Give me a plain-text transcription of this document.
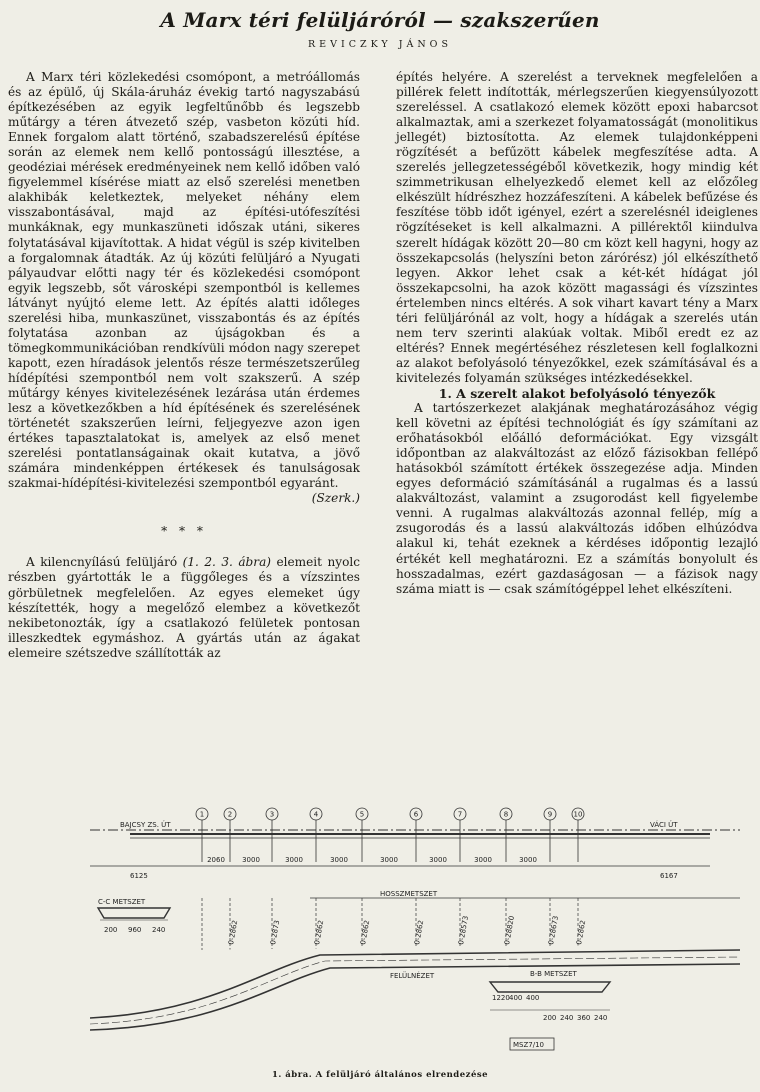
A Marx téri felüljáróról — szakszerűen
REVICZKY JÁNOS

A Marx téri közlekedési csomópont, a metróállomás és az épülő, új Skála-áruház évekig tartó nagyszabású építkezésében az egyik legfeltűnőbb és legszebb műtárgy a téren átvezető szép, vasbeton közúti híd. Ennek forgalom alatt történő, szabadszerelésű építése során az elemek nem kellő pontosságú illesztése, a geodéziai mérések eredményeinek nem kellő időben való figyelemmel kísérése miatt az első szerelési menetben alakhibák keletkeztek, melyeket néhány elem visszabontásával, majd az építési-utófeszítési munkáknak, egy munkaszüneti időszak utáni, sikeres folytatásával kijavítottak. A hidat végül is szép kivitelben a forgalomnak átadták. Az új közúti felüljáró a Nyugati pályaudvar előtti nagy tér és közlekedési csomópont egyik legszebb, sőt városképi szempontból is kellemes látványt nyújtó eleme lett. Az építés alatti időleges szerelési hiba, munkaszünet, visszabontás és az építés folytatása azonban az újságokban és a tömegkommunikációban rendkívüli módon nagy szerepet kapott, ezen híradások jelentős része természetszerűleg hídépítési szempontból nem volt szakszerű. A szép műtárgy kényes kivitelezésének lezárása után érdemes lesz a következőkben a híd építésének és szerelésének történetét szakszerűen leírni, feljegyezve azon igen értékes tapasztalatokat is, amelyek az első menet szerelési pontatlanságainak okait kutatva, a jövő számára mindenképpen értékesek és tanulságosak szakmai-hídépítési-kivitelezési szempontból egyaránt.

(Szerk.)

* * *

A kilencnyílású felüljáró (1. 2. 3. ábra) elemeit nyolc részben gyártották le a függőleges és a vízszintes görbületnek megfelelően. Az egyes elemeket úgy készítették, hogy a megelőző elembez a következőt nekibetonozták, így a csatlakozó felületek pontosan illeszkedtek egymáshoz. A gyártás után az ágakat elemeire szétszedve szállították az

építés helyére. A szerelést a terveknek megfelelően a pillérek felett indították, mérlegszerűen kiegyensúlyozott szereléssel. A csatlakozó elemek között epoxi habarcsot alkalmaztak, ami a szerkezet folyamatosságát (monolitikus jellegét) biztosította. Az elemek tulajdonképpeni rögzítését a befűzött kábelek megfeszítése adta. A szerelés jellegzetességéből következik, hogy mindig két szimmetrikusan elhelyezkedő elemet kell az előzőleg elkészült hídrészhez hozzáfeszíteni. A kábelek befűzése és feszítése több időt igényel, ezért a szerelésnél ideiglenes rögzítéseket is kell alkalmazni. A pillérektől kiindulva szerelt hídágak között 20—80 cm közt kell hagyni, hogy az összekapcsolás (helyszíni beton zárórész) jól elkészíthető legyen. Akkor lehet csak a két-két hídágat jól összekapcsolni, ha azok között magassági és vízszintes értelemben nincs eltérés. A sok vihart kavart tény a Marx téri felüljárónál az volt, hogy a hídágak a szerelés után nem terv szerinti alakúak voltak. Miből eredt ez az eltérés? Ennek megértéséhez részletesen kell foglalkozni az alakot befolyásoló tényezőkkel, ezek számításával és a kivitelezés folyamán szükséges intézkedésekkel.

1. A szerelt alakot befolyásoló tényezők

A tartószerkezet alakjának meghatározásához végig kell követni az építési technológiát és így számítani az erőhatásokból előálló deformációkat. Egy vizsgált időpontban az alakváltozást az előző fázisokban fellépő hatásokból számított értékek összegezése adja. Minden egyes deformáció számításánál a rugalmas és a lassú alakváltozást, valamint a zsugorodást kell figyelembe venni. A rugalmas alakváltozás azonnal fellép, míg a zsugorodás és a lassú alakváltozás időben elhúzódva alakul ki, tehát ezeknek a kérdéses időpontig lezajló értékét kell meghatározni. Ez a számítás bonyolult és hosszadalmas, ezért gazdaságosan — a fázisok nagy száma miatt is — csak számítógéppel lehet elkészíteni.

1	2	3	4	5	6	7	8	9	10
BAJCSY ZS. ÚT	VÁCI ÚT
2060 3000	3000	3000	3000	3000	3000	3000
6125	6167
C-C METSZET
HOSSZMETSZET
FELÜLNÉZET	B-B METSZET
200 960 240
1220 400 400
200 240 360 240
0-2862	0-2873	0-2862	0-2862	0-2862	0-28573	0-28820	0-28673 0-2862
MSZ7/10
1. ábra. A felüljáró általános elrendezése
